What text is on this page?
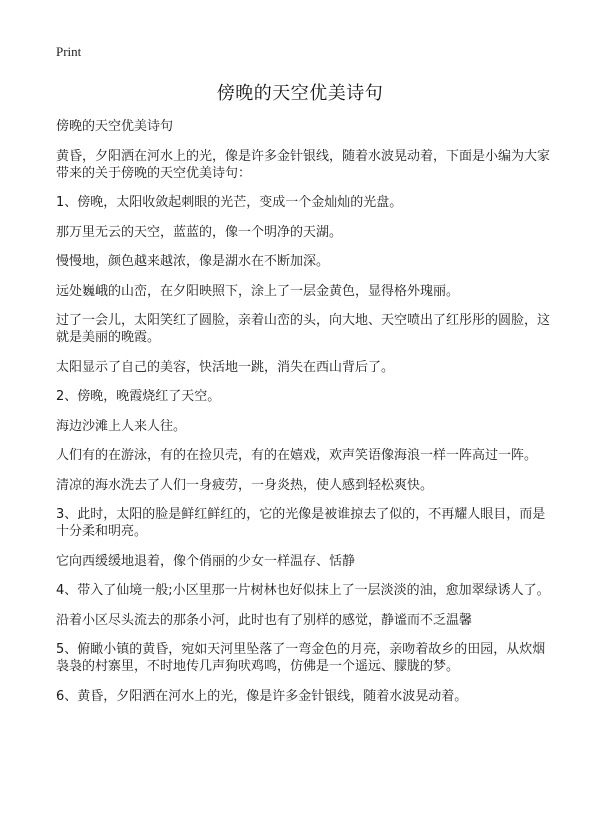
Print
傍晚的天空优美诗句

傍晚的天空优美诗句

黄昏，夕阳洒在河水上的光，像是许多金针银线，随着水波晃动着，下面是小编为大家带来的关于傍晚的天空优美诗句：

1、傍晚，太阳收敛起刺眼的光芒，变成一个金灿灿的光盘。

那万里无云的天空，蓝蓝的，像一个明净的天湖。

慢慢地，颜色越来越浓，像是湖水在不断加深。

远处巍峨的山峦，在夕阳映照下，涂上了一层金黄色，显得格外瑰丽。

过了一会儿，太阳笑红了圆脸，亲着山峦的头，向大地、天空喷出了红彤彤的圆脸，这就是美丽的晚霞。

太阳显示了自己的美容，快活地一跳，消失在西山背后了。

2、傍晚，晚霞烧红了天空。

海边沙滩上人来人往。

人们有的在游泳，有的在捡贝壳，有的在嬉戏，欢声笑语像海浪一样一阵高过一阵。

清凉的海水洗去了人们一身疲劳，一身炎热，使人感到轻松爽快。

3、此时，太阳的脸是鲜红鲜红的，它的光像是被谁掠去了似的，不再耀人眼目，而是十分柔和明亮。

它向西缓缓地退着，像个俏丽的少女一样温存、恬静

4、带入了仙境一般;小区里那一片树林也好似抹上了一层淡淡的油，愈加翠绿诱人了。

沿着小区尽头流去的那条小河，此时也有了别样的感觉，静谧而不乏温馨

5、俯瞰小镇的黄昏，宛如天河里坠落了一弯金色的月亮，亲吻着故乡的田园，从炊烟袅袅的村寨里，不时地传几声狗吠鸡鸣，仿佛是一个遥远、朦胧的梦。

6、黄昏，夕阳洒在河水上的光，像是许多金针银线，随着水波晃动着。
